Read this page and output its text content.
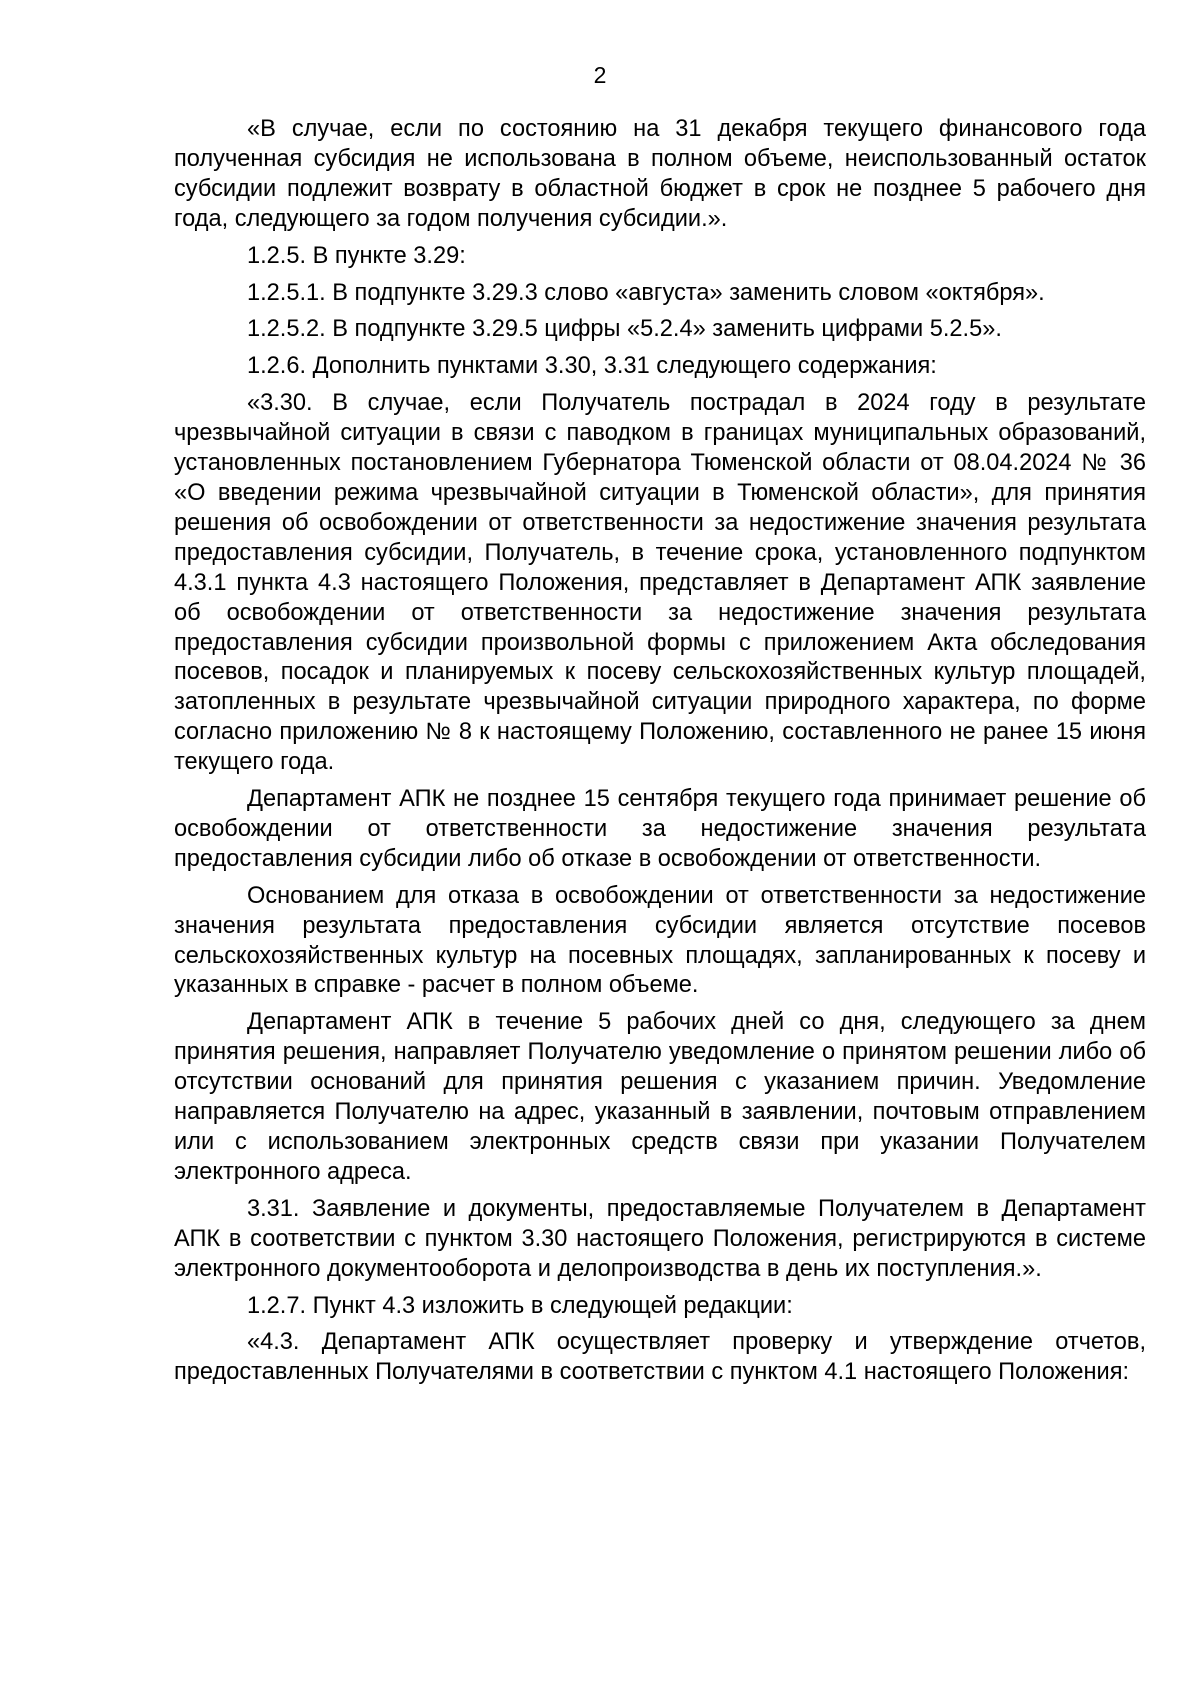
2

«В случае, если по состоянию на 31 декабря текущего финансового года полученная субсидия не использована в полном объеме, неиспользованный остаток субсидии подлежит возврату в областной бюджет в срок не позднее 5 рабочего дня года, следующего за годом получения субсидии.».

1.2.5. В пункте 3.29:

1.2.5.1. В подпункте 3.29.3 слово «августа» заменить словом «октября».

1.2.5.2. В подпункте 3.29.5 цифры «5.2.4» заменить цифрами 5.2.5».

1.2.6. Дополнить пунктами 3.30, 3.31 следующего содержания:

«3.30. В случае, если Получатель пострадал в 2024 году в результате чрезвычайной ситуации в связи с паводком в границах муниципальных образований, установленных постановлением Губернатора Тюменской области от 08.04.2024 № 36 «О введении режима чрезвычайной ситуации в Тюменской области», для принятия решения об освобождении от ответственности за недостижение значения результата предоставления субсидии, Получатель, в течение срока, установленного подпунктом 4.3.1 пункта 4.3 настоящего Положения, представляет в Департамент АПК заявление об освобождении от ответственности за недостижение значения результата предоставления субсидии произвольной формы с приложением Акта обследования посевов, посадок и планируемых к посеву сельскохозяйственных культур площадей, затопленных в результате чрезвычайной ситуации природного характера, по форме согласно приложению № 8 к настоящему Положению, составленного не ранее 15 июня текущего года.

Департамент АПК не позднее 15 сентября текущего года принимает решение об освобождении от ответственности за недостижение значения результата предоставления субсидии либо об отказе в освобождении от ответственности.

Основанием для отказа в освобождении от ответственности за недостижение значения результата предоставления субсидии является отсутствие посевов сельскохозяйственных культур на посевных площадях, запланированных к посеву и указанных в справке - расчет в полном объеме.

Департамент АПК в течение 5 рабочих дней со дня, следующего за днем принятия решения, направляет Получателю уведомление о принятом решении либо об отсутствии оснований для принятия решения с указанием причин. Уведомление направляется Получателю на адрес, указанный в заявлении, почтовым отправлением или с использованием электронных средств связи при указании Получателем электронного адреса.

3.31. Заявление и документы, предоставляемые Получателем в Департамент АПК в соответствии с пунктом 3.30 настоящего Положения, регистрируются в системе электронного документооборота и делопроизводства в день их поступления.».

1.2.7. Пункт 4.3 изложить в следующей редакции:

«4.3. Департамент АПК осуществляет проверку и утверждение отчетов, предоставленных Получателями в соответствии с пунктом 4.1 настоящего Положения:
